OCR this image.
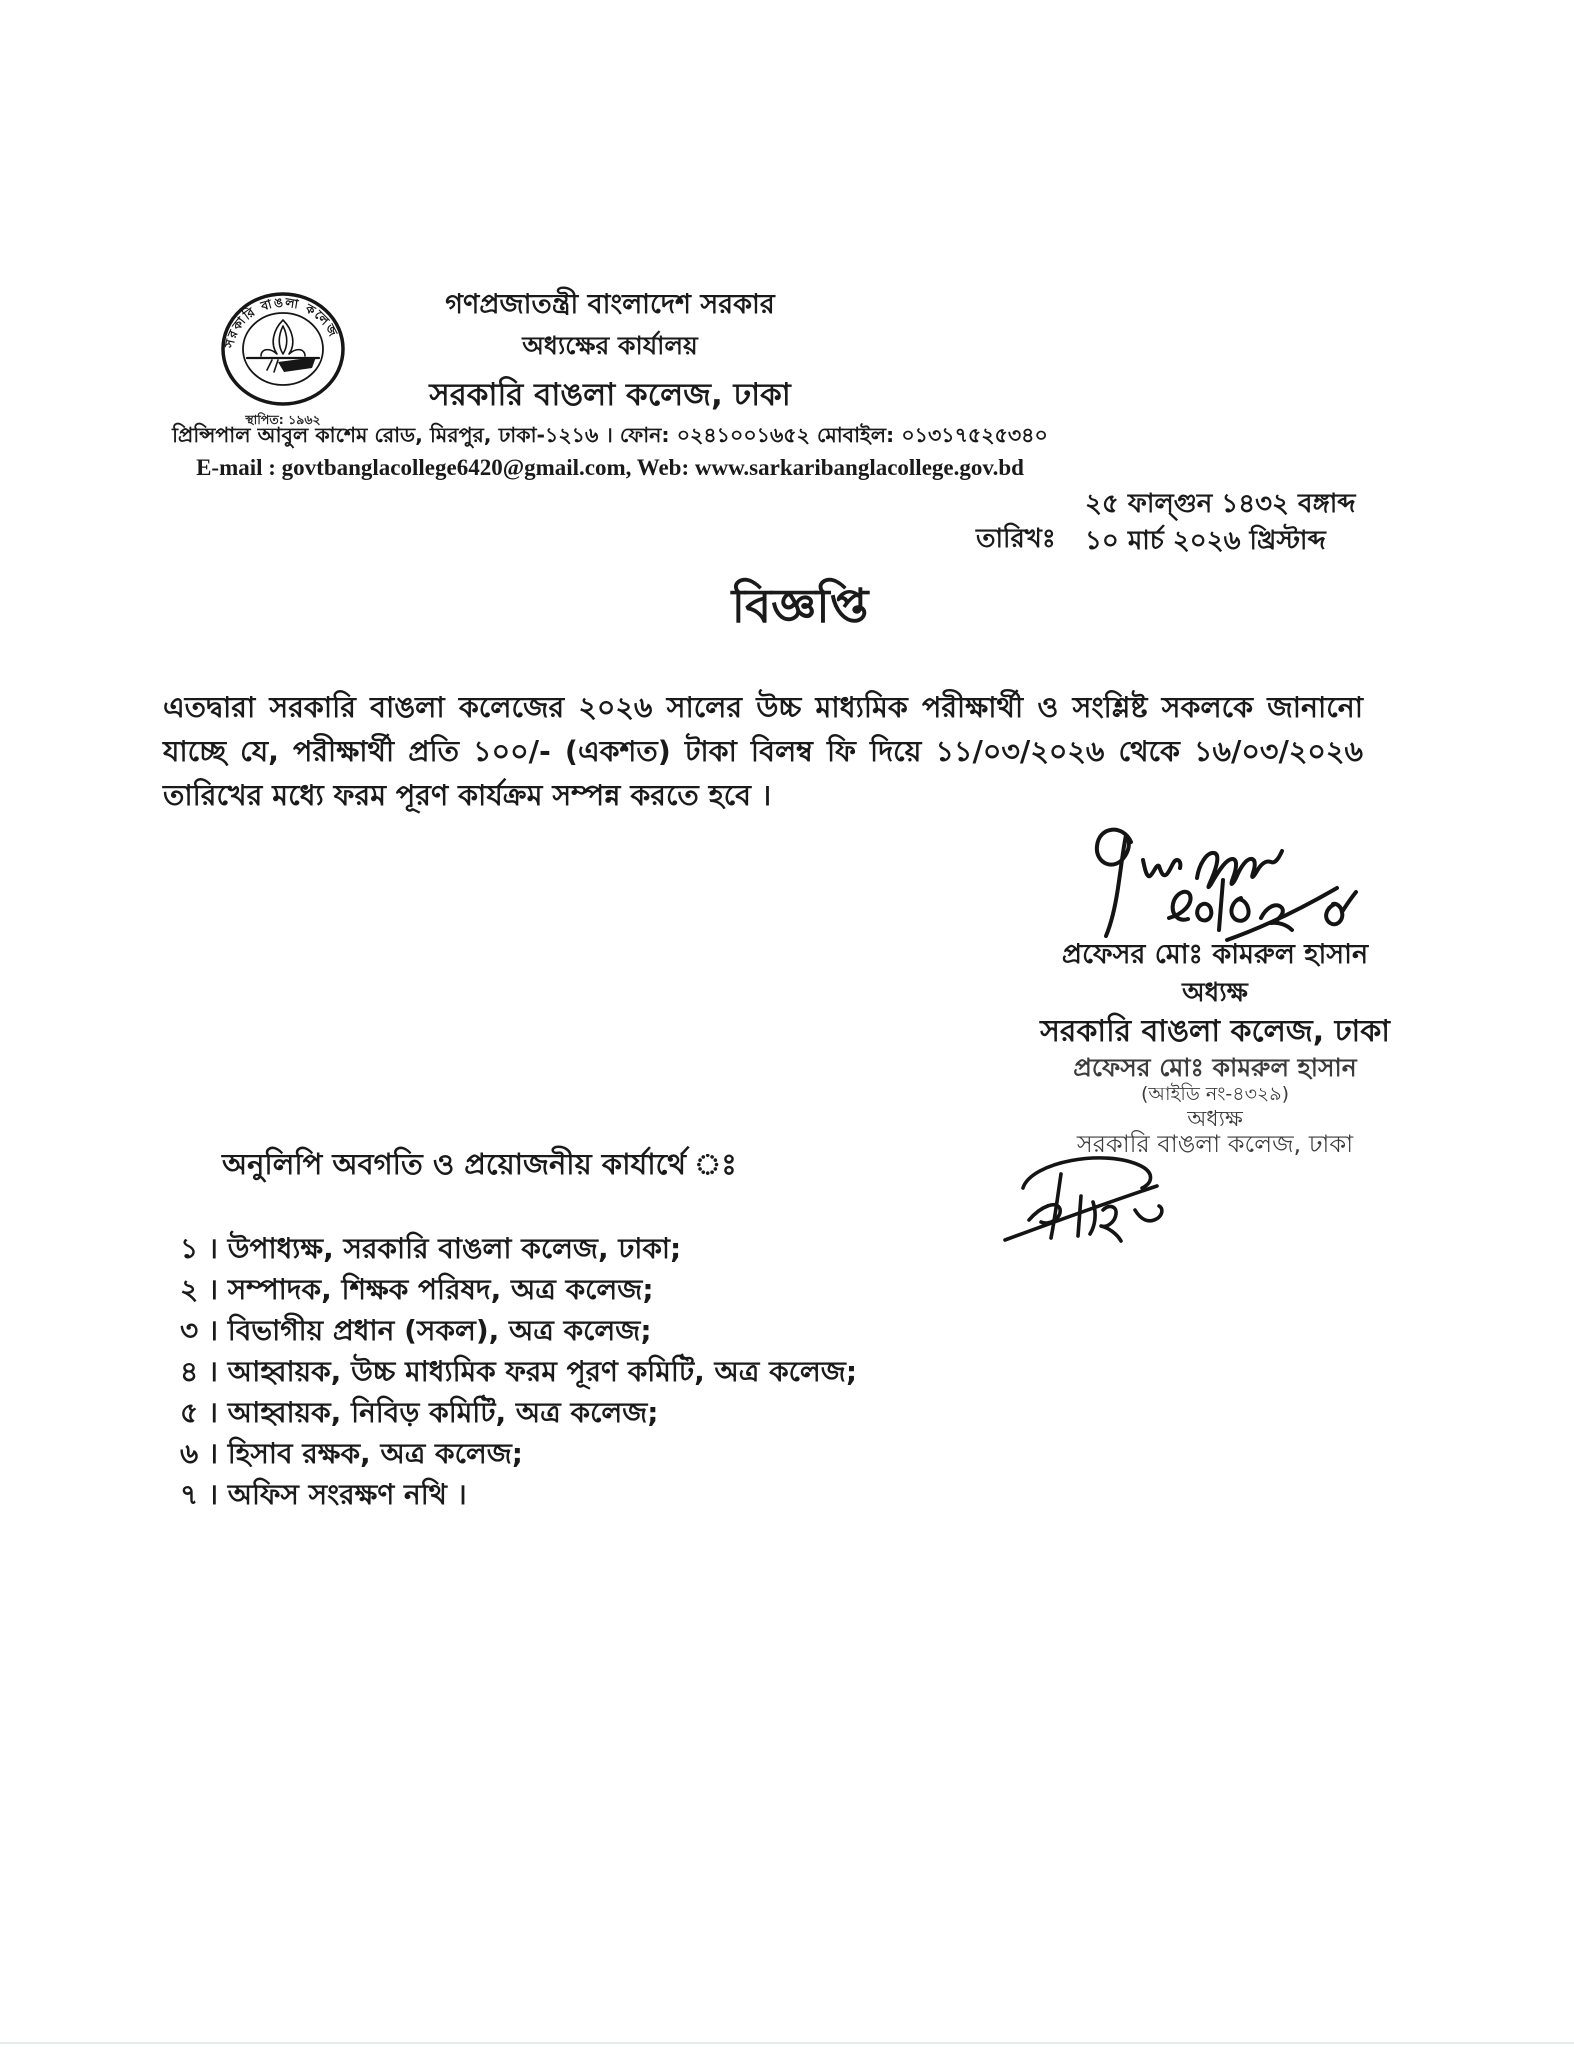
সরকারি বাঙলা কলেজ
স্থাপিত: ১৯৬২
গণপ্রজাতন্ত্রী বাংলাদেশ সরকার
অধ্যক্ষের কার্যালয়
সরকারি বাঙলা কলেজ, ঢাকা
প্রিন্সিপাল আবুল কাশেম রোড, মিরপুর, ঢাকা-১২১৬ । ফোন: ০২৪১০০১৬৫২ মোবাইল: ০১৩১৭৫২৫৩৪০
E-mail : govtbanglacollege6420@gmail.com, Web: www.sarkaribanglacollege.gov.bd
তারিখঃ
২৫ ফাল্গুন ১৪৩২ বঙ্গাব্দ
১০ মার্চ ২০২৬ খ্রিস্টাব্দ
বিজ্ঞপ্তি
এতদ্বারা সরকারি বাঙলা কলেজের ২০২৬ সালের উচ্চ মাধ্যমিক পরীক্ষার্থী ও সংশ্লিষ্ট সকলকে জানানো যাচ্ছে যে, পরীক্ষার্থী প্রতি ১০০/- (একশত) টাকা বিলম্ব ফি দিয়ে ১১/০৩/২০২৬ থেকে ১৬/০৩/২০২৬ তারিখের মধ্যে ফরম পূরণ কার্যক্রম সম্পন্ন করতে হবে ।
প্রফেসর মোঃ কামরুল হাসান
অধ্যক্ষ
সরকারি বাঙলা কলেজ, ঢাকা
প্রফেসর মোঃ কামরুল হাসান
(আইডি নং-৪৩২৯)
অধ্যক্ষ
সরকারি বাঙলা কলেজ, ঢাকা
অনুলিপি অবগতি ও প্রয়োজনীয় কার্যার্থে ঃ
১ । উপাধ্যক্ষ, সরকারি বাঙলা কলেজ, ঢাকা;
২ । সম্পাদক, শিক্ষক পরিষদ, অত্র কলেজ;
৩ । বিভাগীয় প্রধান (সকল), অত্র কলেজ;
৪ । আহ্বায়ক, উচ্চ মাধ্যমিক ফরম পূরণ কমিটি, অত্র কলেজ;
৫ । আহ্বায়ক, নিবিড় কমিটি, অত্র কলেজ;
৬ । হিসাব রক্ষক, অত্র কলেজ;
৭ । অফিস সংরক্ষণ নথি ।
